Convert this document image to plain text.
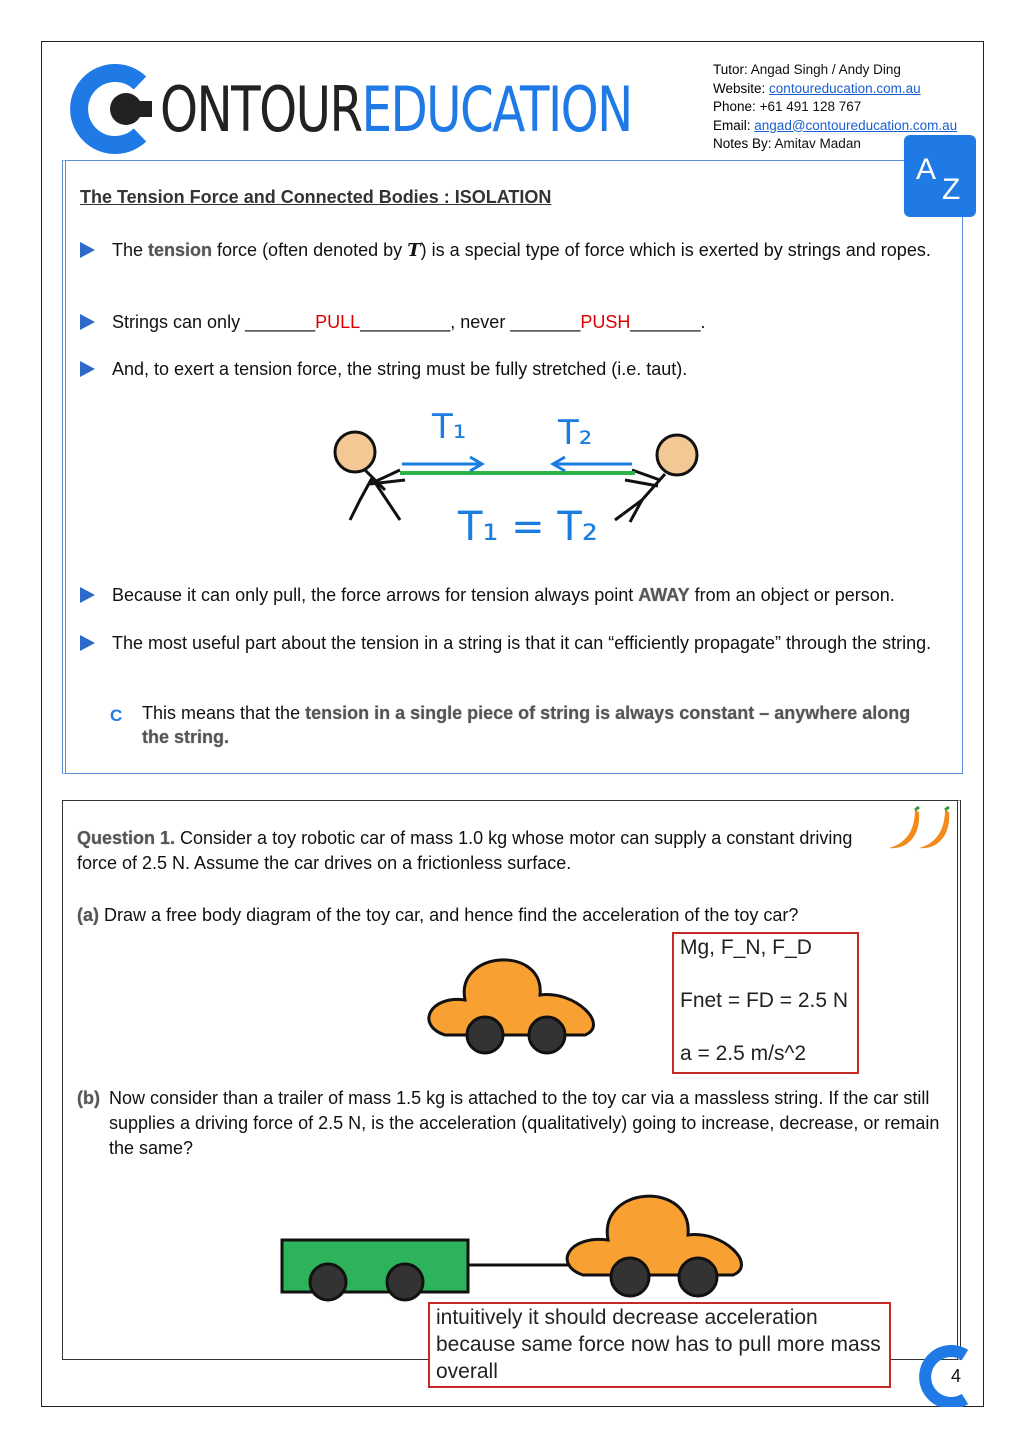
ONTOUREDUCATION
Tutor: Angad Singh / Andy Ding
Website: contoureducation.com.au
Phone: +61 491 128 767
Email: angad@contoureducation.com.au
Notes By: Amitav Madan
A
Z
The Tension Force and Connected Bodies : ISOLATION
The tension force (often denoted by T) is a special type of force which is exerted by strings and ropes.
Strings can only _______PULL_________, never _______PUSH_______.
And, to exert a tension force, the string must be fully stretched (i.e. taut).
T₁	T₂
T₁ = T₂
Because it can only pull, the force arrows for tension always point AWAY from an object or person.
The most useful part about the tension in a string is that it can “efficiently propagate” through the string.
C This means that the tension in a single piece of string is always constant – anywhere along the string.
Question 1. Consider a toy robotic car of mass 1.0 kg whose motor can supply a constant driving force of 2.5 N. Assume the car drives on a frictionless surface.
(a) Draw a free body diagram of the toy car, and hence find the acceleration of the toy car?
Mg, F_N, F_D
Fnet = FD = 2.5 N
a = 2.5 m/s^2
(b) Now consider than a trailer of mass 1.5 kg is attached to the toy car via a massless string. If the car still supplies a driving force of 2.5 N, is the acceleration (qualitatively) going to increase, decrease, or remain the same?
intuitively it should decrease acceleration because same force now has to pull more mass overall	4
